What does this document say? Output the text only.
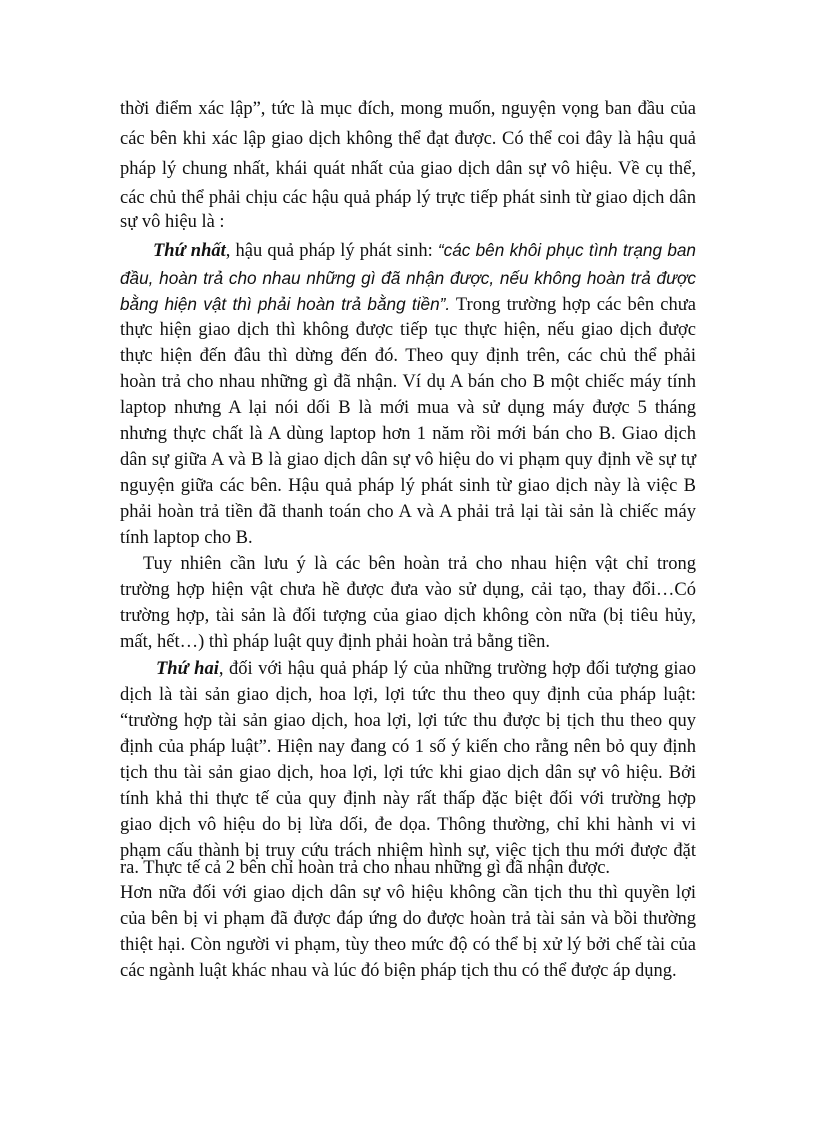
thời điểm xác lập”, tức là mục đích, mong muốn, nguyện vọng ban đầu của
các bên khi xác lập giao dịch không thể đạt được. Có thể coi đây là hậu quả
pháp lý chung nhất, khái quát nhất của giao dịch dân sự vô hiệu. Về cụ thể,
các chủ thể phải chịu các hậu quả pháp lý trực tiếp phát sinh từ giao dịch dân
sự vô hiệu là :
Thứ nhất, hậu quả pháp lý phát sinh: “các bên khôi phục tình trạng ban
đầu, hoàn trả cho nhau những gì đã nhận được, nếu không hoàn trả được
bằng hiện vật thì phải hoàn trả bằng tiền”. Trong trường hợp các bên chưa
thực hiện giao dịch thì không được tiếp tục thực hiện, nếu giao dịch được
thực hiện đến đâu thì dừng đến đó. Theo quy định trên, các chủ thể phải
hoàn trả cho nhau những gì đã nhận. Ví dụ A bán cho B một chiếc máy tính
laptop nhưng A lại nói dối B là mới mua và sử dụng máy được 5 tháng
nhưng thực chất là A dùng laptop hơn 1 năm rồi mới bán cho B. Giao dịch
dân sự giữa A và B là giao dịch dân sự vô hiệu do vi phạm quy định về sự tự
nguyện giữa các bên. Hậu quả pháp lý phát sinh từ giao dịch này là việc B
phải hoàn trả tiền đã thanh toán cho A và A phải trả lại tài sản là chiếc máy
tính laptop cho B.
Tuy nhiên cần lưu ý là các bên hoàn trả cho nhau hiện vật chỉ trong
trường hợp hiện vật chưa hề được đưa vào sử dụng, cải tạo, thay đổi…Có
trường hợp, tài sản là đối tượng của giao dịch không còn nữa (bị tiêu hủy,
mất, hết…) thì pháp luật quy định phải hoàn trả bằng tiền.
Thứ hai, đối với hậu quả pháp lý của những trường hợp đối tượng giao
dịch là tài sản giao dịch, hoa lợi, lợi tức thu theo quy định của pháp luật:
“trường hợp tài sản giao dịch, hoa lợi, lợi tức thu được bị tịch thu theo quy
định của pháp luật”. Hiện nay đang có 1 số ý kiến cho rằng nên bỏ quy định
tịch thu tài sản giao dịch, hoa lợi, lợi tức khi giao dịch dân sự vô hiệu. Bởi
tính khả thi thực tế của quy định này rất thấp đặc biệt đối với trường hợp
giao dịch vô hiệu do bị lừa dối, đe dọa. Thông thường, chỉ khi hành vi vi
phạm cấu thành bị truy cứu trách nhiệm hình sự, việc tịch thu mới được đặt
ra. Thực tế cả 2 bên chỉ hoàn trả cho nhau những gì đã nhận được.
Hơn nữa đối với giao dịch dân sự vô hiệu không cần tịch thu thì quyền lợi
của bên bị vi phạm đã được đáp ứng do được hoàn trả tài sản và bồi thường
thiệt hại. Còn người vi phạm, tùy theo mức độ có thể bị xử lý bởi chế tài của
các ngành luật khác nhau và lúc đó biện pháp tịch thu có thể được áp dụng.
